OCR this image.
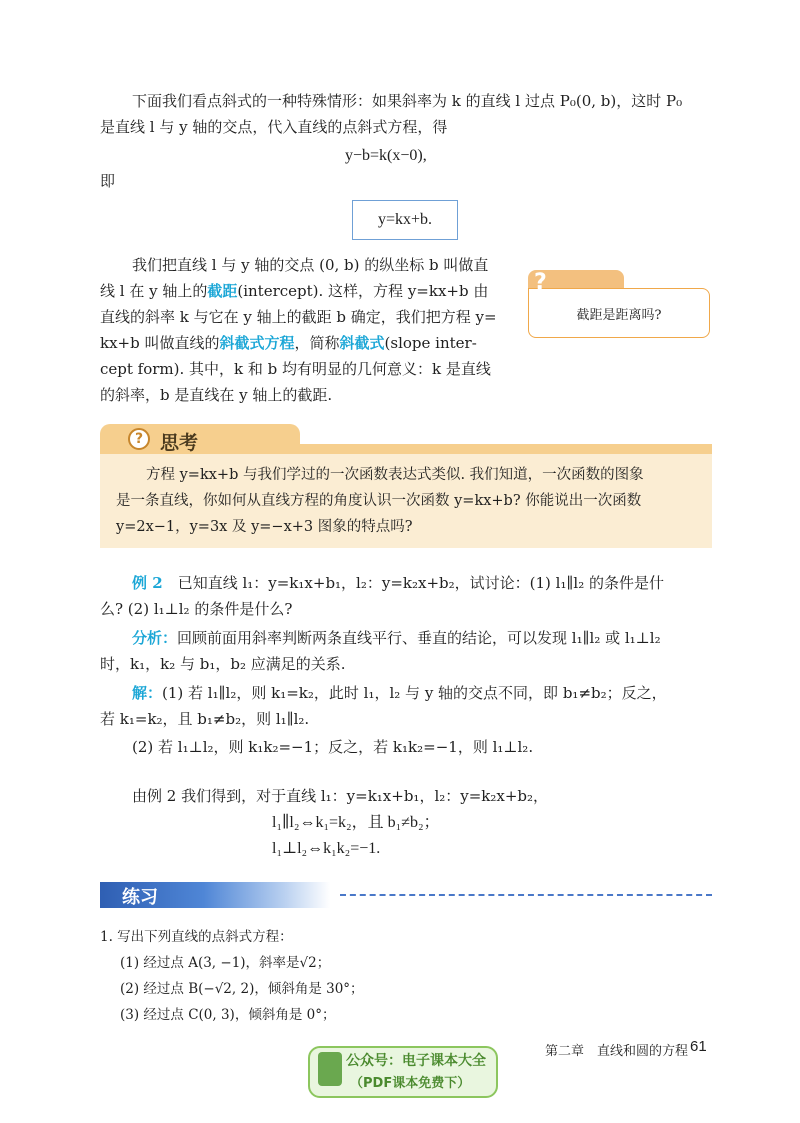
下面我们看点斜式的一种特殊情形：如果斜率为 k 的直线 l 过点 P₀(0, b)，这时 P₀

是直线 l 与 y 轴的交点，代入直线的点斜式方程，得

y−b=k(x−0),

即

y=kx+b.

我们把直线 l 与 y 轴的交点 (0, b) 的纵坐标 b 叫做直

线 l 在 y 轴上的截距(intercept). 这样，方程 y=kx+b 由

直线的斜率 k 与它在 y 轴上的截距 b 确定，我们把方程 y=

kx+b 叫做直线的斜截式方程，简称斜截式(slope inter-

cept form). 其中，k 和 b 均有明显的几何意义：k 是直线

的斜率，b 是直线在 y 轴上的截距.

截距是距离吗?
?
? 思考

方程 y=kx+b 与我们学过的一次函数表达式类似. 我们知道，一次函数的图象

是一条直线，你如何从直线方程的角度认识一次函数 y=kx+b? 你能说出一次函数

y=2x−1，y=3x 及 y=−x+3 图象的特点吗?

例 2　 已知直线 l₁：y=k₁x+b₁，l₂：y=k₂x+b₂，试讨论：(1) l₁∥l₂ 的条件是什

么? (2) l₁⊥l₂ 的条件是什么?

分析：回顾前面用斜率判断两条直线平行、垂直的结论，可以发现 l₁∥l₂ 或 l₁⊥l₂

时，k₁，k₂ 与 b₁，b₂ 应满足的关系.

解：(1) 若 l₁∥l₂，则 k₁=k₂，此时 l₁，l₂ 与 y 轴的交点不同，即 b₁≠b₂；反之，

若 k₁=k₂，且 b₁≠b₂，则 l₁∥l₂.

(2) 若 l₁⊥l₂，则 k₁k₂=−1；反之，若 k₁k₂=−1，则 l₁⊥l₂.

由例 2 我们得到，对于直线 l₁：y=k₁x+b₁，l₂：y=k₂x+b₂，

l₁∥l₂⇔k₁=k₂，且 b₁≠b₂；

l₁⊥l₂⇔k₁k₂=−1.

练习

1. 写出下列直线的点斜式方程：

(1) 经过点 A(3, −1)，斜率是√2；

(2) 经过点 B(−√2, 2)，倾斜角是 30°；

(3) 经过点 C(0, 3)，倾斜角是 0°；

第二章　直线和圆的方程 61
公众号：电子课本大全
（PDF课本免费下）
